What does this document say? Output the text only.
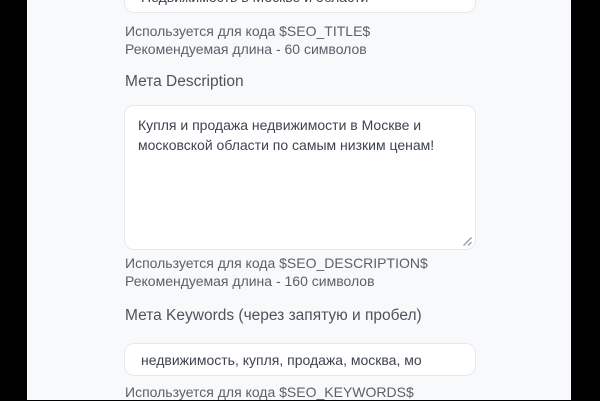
Недвижимость в Москве и области
Используется для кода $SEO_TITLE$
Рекомендуемая длина - 60 символов
Мета Description
Купля и продажа недвижимости в Москве и московской области по самым низким ценам!
Используется для кода $SEO_DESCRIPTION$
Рекомендуемая длина - 160 символов
Мета Keywords (через запятую и пробел)
недвижимость, купля, продажа, москва, мо
Используется для кода $SEO_KEYWORDS$
